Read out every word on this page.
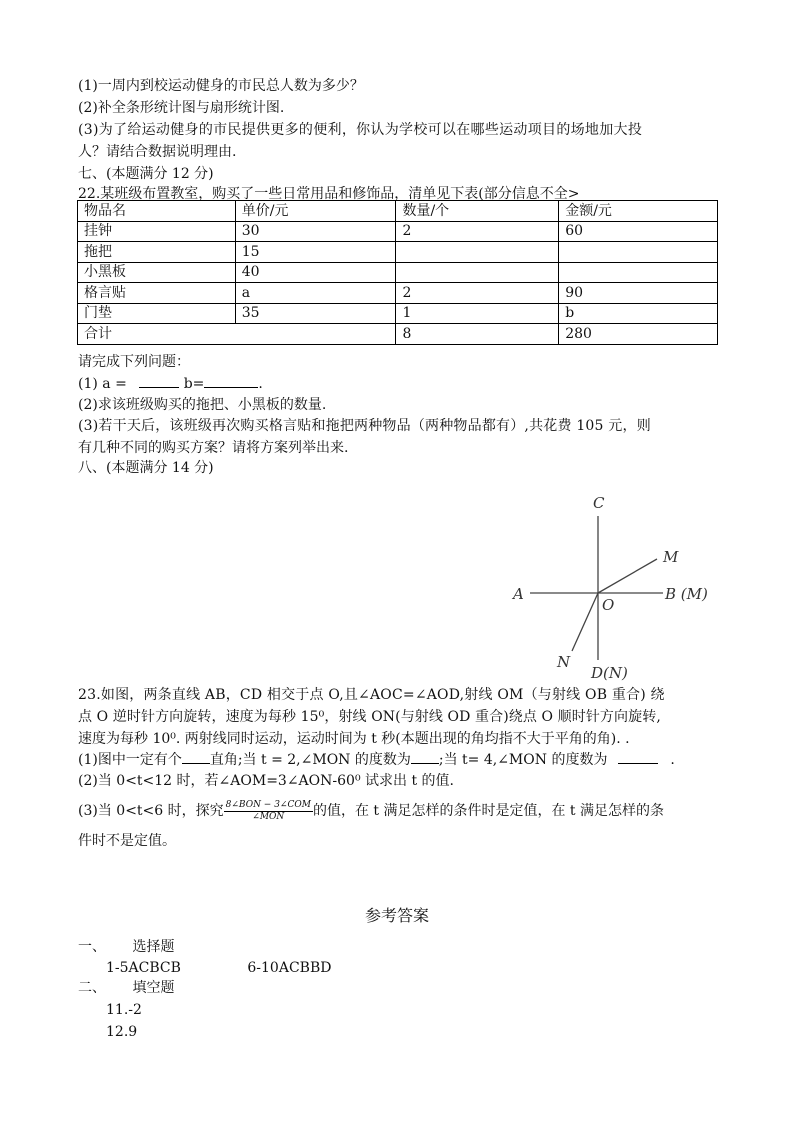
(1)一周内到校运动健身的市民总人数为多少？
(2)补全条形统计图与扇形统计图.
(3)为了给运动健身的市民提供更多的便利，你认为学校可以在哪些运动项目的场地加大投
人？请结合数据说明理由.
七、(本题满分 12 分)
22.某班级布置教室，购买了一些日常用品和修饰品，清单见下表(部分信息不全>
物品名	单价/元	数量/个	金额/元
挂钟	30	2	60
拖把	15		
小黑板	40		
格言贴	a	2	90
门垫	35	1	b
合计		8	280
请完成下列问题：
(1) a =	b=	.
(2)求该班级购买的拖把、小黑板的数量.
(3)若干天后，该班级再次购买格言贴和拖把两种物品（两种物品都有）,共花费 105 元，则
有几种不同的购买方案？请将方案列举出来.
八、(本题满分 14 分)
C
A	B (M)
M
O
N
D(N)
23.如图，两条直线 AB，CD 相交于点 O,且∠AOC=∠AOD,射线 OM（与射线 OB 重合) 绕
点 O 逆时针方向旋转，速度为每秒 15⁰，射线 ON(与射线 OD 重合)绕点 O 顺时针方向旋转,
速度为每秒 10⁰. 两射线同时运动，运动时间为 t 秒(本题出现的角均指不大于平角的角). .
(1)图中一定有个 直角;当 t = 2,∠MON 的度数为 ;当 t= 4,∠MON 的度数为	.
(2)当 0<t<12 时，若∠AOM=3∠AON-60⁰ 试求出 t 的值.
(3)当 0<t<6 时，探究 $\frac{\text{8∠BON − 3∠COM}}{\text{∠MON}}$ 的值，在 t 满足怎样的条件时是定值，在 t 满足怎样的条
件时不是定值。
参考答案
一、 选择题
1-5ACBCB	6-10ACBBD
二、 填空题
11.-2
12.9
